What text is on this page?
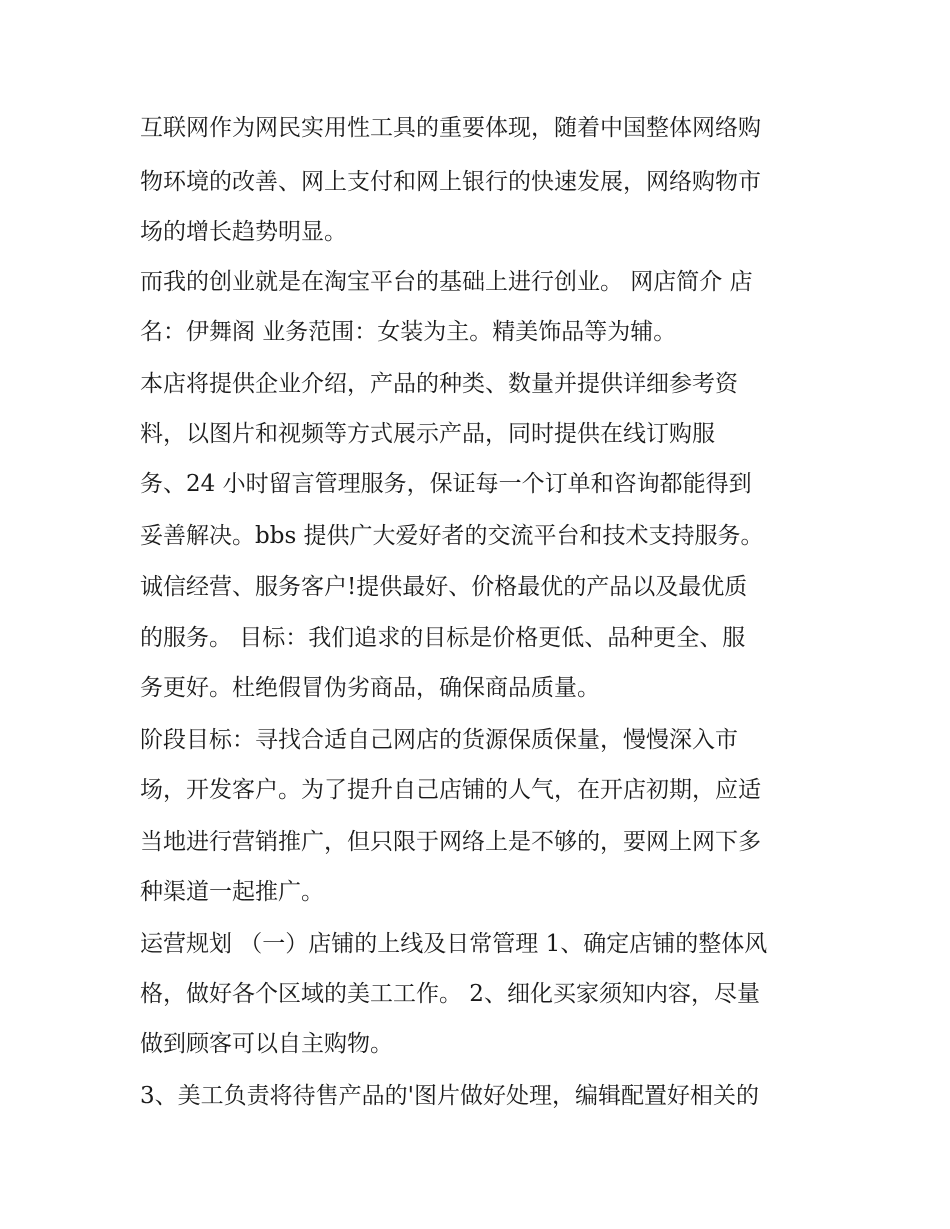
互联网作为网民实用性工具的重要体现，随着中国整体网络购

物环境的改善、网上支付和网上银行的快速发展，网络购物市

场的增长趋势明显。

而我的创业就是在淘宝平台的基础上进行创业。 网店简介 店

名：伊舞阁 业务范围：女装为主。精美饰品等为辅。

本店将提供企业介绍，产品的种类、数量并提供详细参考资

料，以图片和视频等方式展示产品，同时提供在线订购服

务、24 小时留言管理服务，保证每一个订单和咨询都能得到

妥善解决。bbs 提供广大爱好者的交流平台和技术支持服务。

诚信经营、服务客户!提供最好、价格最优的产品以及最优质

的服务。 目标：我们追求的目标是价格更低、品种更全、服

务更好。杜绝假冒伪劣商品，确保商品质量。

阶段目标：寻找合适自己网店的货源保质保量，慢慢深入市

场，开发客户。为了提升自己店铺的人气，在开店初期，应适

当地进行营销推广，但只限于网络上是不够的，要网上网下多

种渠道一起推广。

运营规划 （一）店铺的上线及日常管理 1、确定店铺的整体风

格，做好各个区域的美工工作。 2、细化买家须知内容，尽量

做到顾客可以自主购物。

3、美工负责将待售产品的'图片做好处理，编辑配置好相关的
